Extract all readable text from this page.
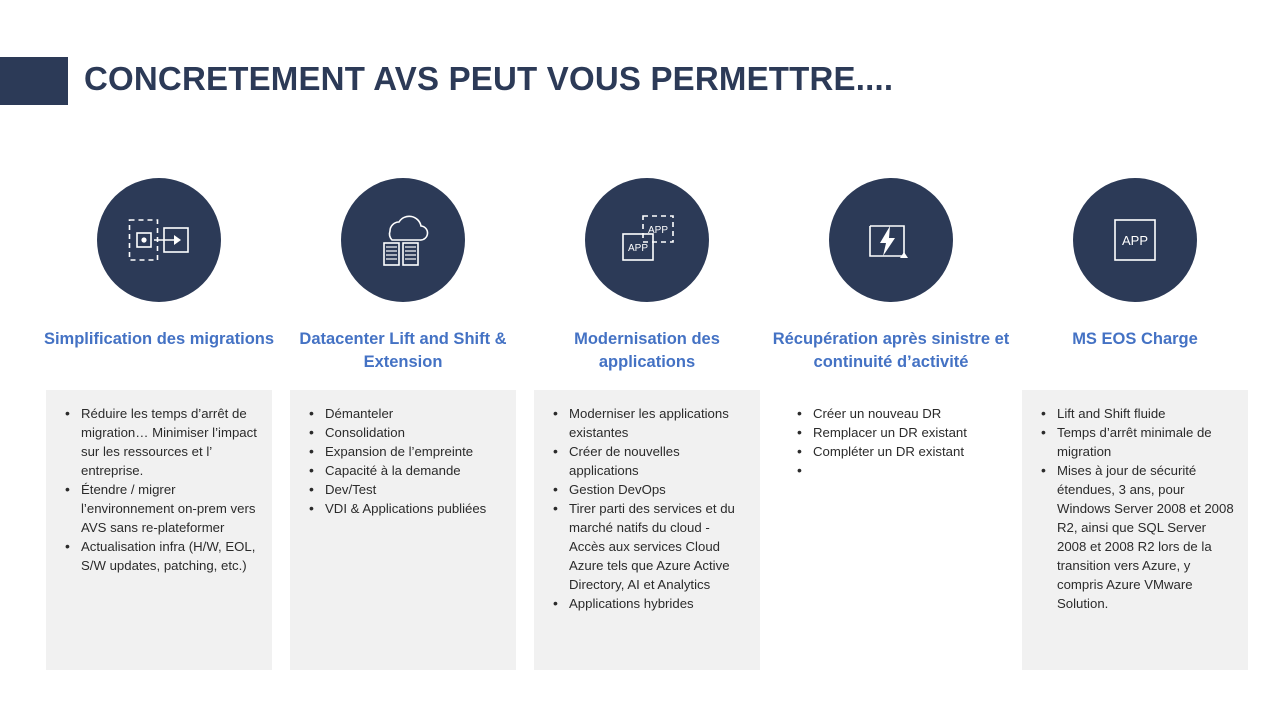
CONCRETEMENT AVS PEUT VOUS PERMETTRE....
Simplification des migrations
• Réduire les temps d’arrêt de migration… Minimiser l’impact sur les ressources et l’ entreprise.
• Étendre / migrer l’environnement on-prem vers AVS sans re-plateformer
• Actualisation infra (H/W, EOL, S/W updates, patching, etc.)
Datacenter Lift and Shift & Extension
• Démanteler
• Consolidation
• Expansion de l’empreinte
• Capacité à la demande
• Dev/Test
• VDI & Applications publiées
APP
APP
Modernisation des applications
• Moderniser les applications existantes
• Créer de nouvelles applications
• Gestion DevOps
• Tirer parti des services et du marché natifs du cloud - Accès aux services Cloud Azure tels que Azure Active Directory, AI et Analytics
• Applications hybrides
Récupération après sinistre et continuité d’activité
• Créer un nouveau DR
• Remplacer un DR existant
• Compléter un DR existant
•
APP
MS EOS Charge
• Lift and Shift fluide
• Temps d’arrêt minimale de migration
• Mises à jour de sécurité étendues, 3 ans, pour Windows Server 2008 et 2008 R2, ainsi que SQL Server 2008 et 2008 R2 lors de la transition vers Azure, y compris Azure VMware Solution.
